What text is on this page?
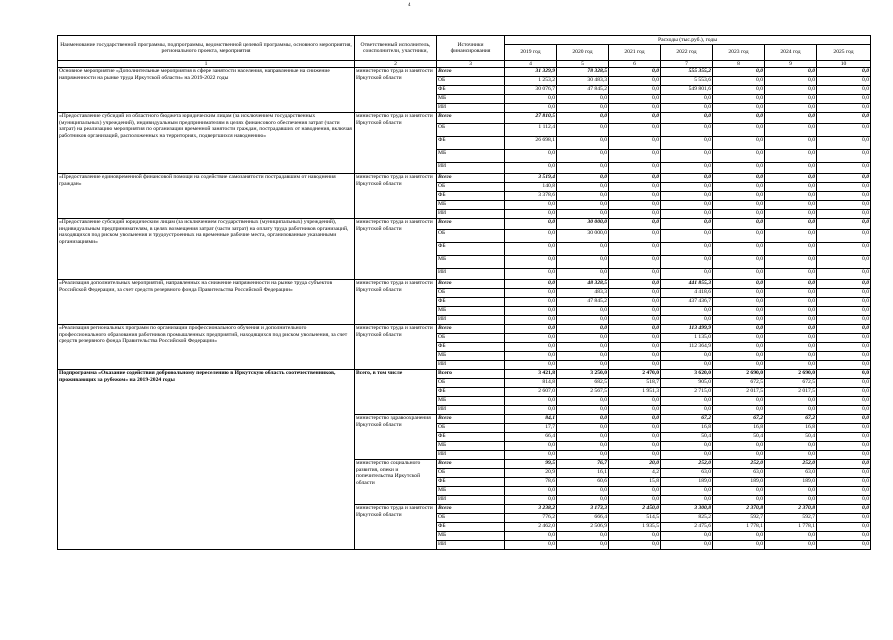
4
Наименование государственной программы, подпрограммы, ведомственной целевой программы, основного мероприятия, регионального проекта, мероприятия	Ответственный исполнитель, соисполнители, участники,	Источники финансирования	Расходы (тыс.руб.), годы						
			2019 год	2020 год	2021 год	2022 год	2023 год	2024 год	2025 год
1	2	3	4	5	6	7	8	9	10
Основное мероприятие «Дополнительные мероприятия в сфере занятости населения, направленные на снижение напряженности на рынке труда Иркутской области» на 2019-2022 годы	министерство труда и занятости Иркутской области	Всего	31 329,9	78 328,5	0,0	555 355,2	0,0	0,0	0,0
		ОБ	1 253,2	30 483,3	0,0	5 553,6	0,0	0,0	0,0
		ФБ	30 076,7	47 845,2	0,0	549 801,6	0,0	0,0	0,0
		МБ	0,0	0,0	0,0	0,0	0,0	0,0	0,0
		ИИ	0,0	0,0	0,0	0,0	0,0	0,0	0,0
«Предоставление субсидий из областного бюджета юридическим лицам (за исключением государственных (муниципальных) учреждений), индивидуальным предпринимателям в целях финансового обеспечения затрат (части затрат) на реализацию мероприятия по организации временной занятости граждан, пострадавших от наводнения, включая работников организаций, расположенных на территориях, подвергшихся наводнению»	министерство труда и занятости Иркутской области	Всего	27 810,5	0,0	0,0	0,0	0,0	0,0	0,0
		ОБ	1 112,4	0,0	0,0	0,0	0,0	0,0	0,0
		ФБ	26 698,1	0,0	0,0	0,0	0,0	0,0	0,0
		МБ	0,0	0,0	0,0	0,0	0,0	0,0	0,0
		ИИ	0,0	0,0	0,0	0,0	0,0	0,0	0,0
«Предоставление единовременной финансовой помощи на содействие самозанятости пострадавшим от наводнения граждан»	министерство труда и занятости Иркутской области	Всего	3 519,4	0,0	0,0	0,0	0,0	0,0	0,0
		ОБ	140,8	0,0	0,0	0,0	0,0	0,0	0,0
		ФБ	3 378,6	0,0	0,0	0,0	0,0	0,0	0,0
		МБ	0,0	0,0	0,0	0,0	0,0	0,0	0,0
		ИИ	0,0	0,0	0,0	0,0	0,0	0,0	0,0
«Предоставление субсидий юридическим лицам (за исключением государственных (муниципальных) учреждений), индивидуальным предпринимателям, в целях возмещения затрат (части затрат) на оплату труда работников организаций, находящихся под риском увольнения и трудоустроенных на временные рабочие места, организованные указанными организациями»	министерство труда и занятости Иркутской области	Всего	0,0	30 000,0	0,0	0,0	0,0	0,0	0,0
		ОБ	0,0	30 000,0	0,0	0,0	0,0	0,0	0,0
		ФБ	0,0	0,0	0,0	0,0	0,0	0,0	0,0
		МБ	0,0	0,0	0,0	0,0	0,0	0,0	0,0
		ИИ	0,0	0,0	0,0	0,0	0,0	0,0	0,0
«Реализация дополнительных мероприятий, направленных на снижение напряженности на рынке труда субъектов Российской Федерации, за счет средств резервного фонда Правительства Российской Федерации»	министерство труда и занятости Иркутской области	Всего	0,0	48 328,5	0,0	441 855,3	0,0	0,0	0,0
		ОБ	0,0	483,3	0,0	4 418,6	0,0	0,0	0,0
		ФБ	0,0	47 845,2	0,0	437 436,7	0,0	0,0	0,0
		МБ	0,0	0,0	0,0	0,0	0,0	0,0	0,0
		ИИ	0,0	0,0	0,0	0,0	0,0	0,0	0,0
«Реализация региональных программ по организации профессионального обучения и дополнительного профессионального образования работников промышленных предприятий, находящихся под риском увольнения, за счет средств резервного фонда Правительства Российской Федерации»	министерство труда и занятости Иркутской области	Всего	0,0	0,0	0,0	113 499,9	0,0	0,0	0,0
		ОБ	0,0	0,0	0,0	1 135,0	0,0	0,0	0,0
		ФБ	0,0	0,0	0,0	112 364,9	0,0	0,0	0,0
		МБ	0,0	0,0	0,0	0,0	0,0	0,0	0,0
		ИИ	0,0	0,0	0,0	0,0	0,0	0,0	0,0
Подпрограмма «Оказание содействия добровольному переселению в Иркутскую область соотечественников, проживающих за рубежом» на 2019-2024 годы	Всего, в том числе	Всего	3 421,8	3 250,0	2 470,0	3 620,0	2 690,0	2 690,0	0,0
		ОБ	814,8	682,5	518,7	905,0	672,5	672,5	0,0
		ФБ	2 607,0	2 567,5	1 951,3	2 715,0	2 017,5	2 017,5	0,0
		МБ	0,0	0,0	0,0	0,0	0,0	0,0	0,0
		ИИ	0,0	0,0	0,0	0,0	0,0	0,0	0,0
	министерство здравоохранения Иркутской области	Всего	84,1	0,0	0,0	67,2	67,2	67,2	0,0
		ОБ	17,7	0,0	0,0	16,8	16,8	16,8	0,0
		ФБ	66,4	0,0	0,0	50,4	50,4	50,4	0,0
		МБ	0,0	0,0	0,0	0,0	0,0	0,0	0,0
		ИИ	0,0	0,0	0,0	0,0	0,0	0,0	0,0
	министерство социального развития, опеки и попечительства Иркутской области	Всего	99,5	76,7	20,0	252,0	252,0	252,0	0,0
		ОБ	20,9	16,1	4,2	63,0	63,0	63,0	0,0
		ФБ	78,6	60,6	15,8	189,0	189,0	189,0	0,0
		МБ	0,0	0,0	0,0	0,0	0,0	0,0	0,0
		ИИ	0,0	0,0	0,0	0,0	0,0	0,0	0,0
	министерство труда и занятости Иркутской области	Всего	3 238,2	3 173,3	2 450,0	3 300,8	2 370,8	2 370,8	0,0
		ОБ	776,2	666,4	514,5	825,2	592,7	592,7	0,0
		ФБ	2 462,0	2 506,9	1 935,5	2 475,6	1 778,1	1 778,1	0,0
		МБ	0,0	0,0	0,0	0,0	0,0	0,0	0,0
		ИИ	0,0	0,0	0,0	0,0	0,0	0,0	0,0
